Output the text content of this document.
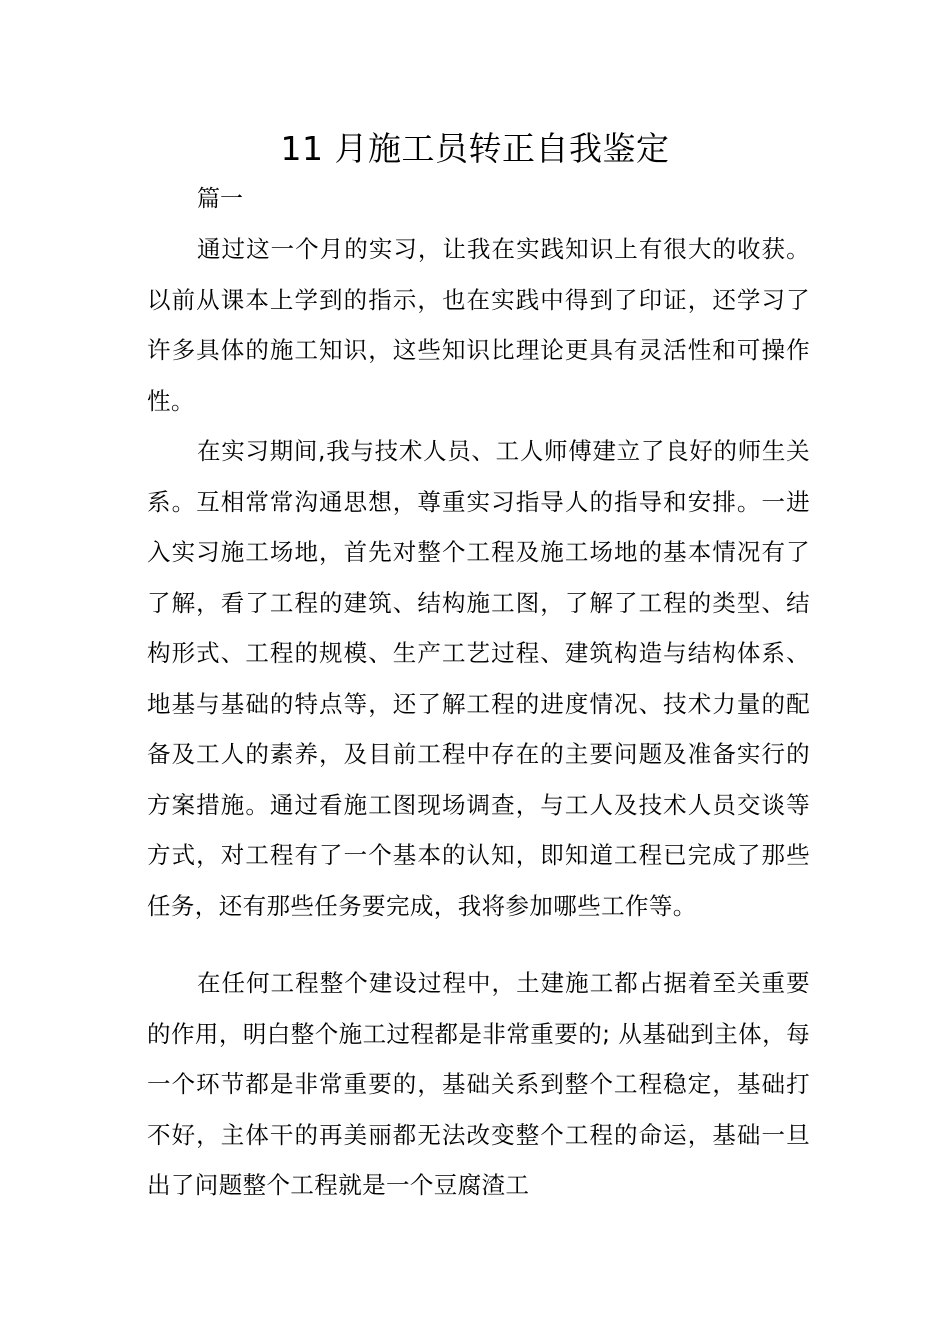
11 月施工员转正自我鉴定

篇一

通过这一个月的实习，让我在实践知识上有很大的收获。以前从课本上学到的指示，也在实践中得到了印证，还学习了许多具体的施工知识，这些知识比理论更具有灵活性和可操作性。

在实习期间,我与技术人员、工人师傅建立了良好的师生关系。互相常常沟通思想，尊重实习指导人的指导和安排。一进入实习施工场地，首先对整个工程及施工场地的基本情况有了了解，看了工程的建筑、结构施工图，了解了工程的类型、结构形式、工程的规模、生产工艺过程、建筑构造与结构体系、地基与基础的特点等，还了解工程的进度情况、技术力量的配备及工人的素养，及目前工程中存在的主要问题及准备实行的方案措施。通过看施工图现场调查，与工人及技术人员交谈等方式，对工程有了一个基本的认知，即知道工程已完成了那些任务，还有那些任务要完成，我将参加哪些工作等。

在任何工程整个建设过程中，土建施工都占据着至关重要的作用，明白整个施工过程都是非常重要的; 从基础到主体，每一个环节都是非常重要的，基础关系到整个工程稳定，基础打不好，主体干的再美丽都无法改变整个工程的命运，基础一旦出了问题整个工程就是一个豆腐渣工
